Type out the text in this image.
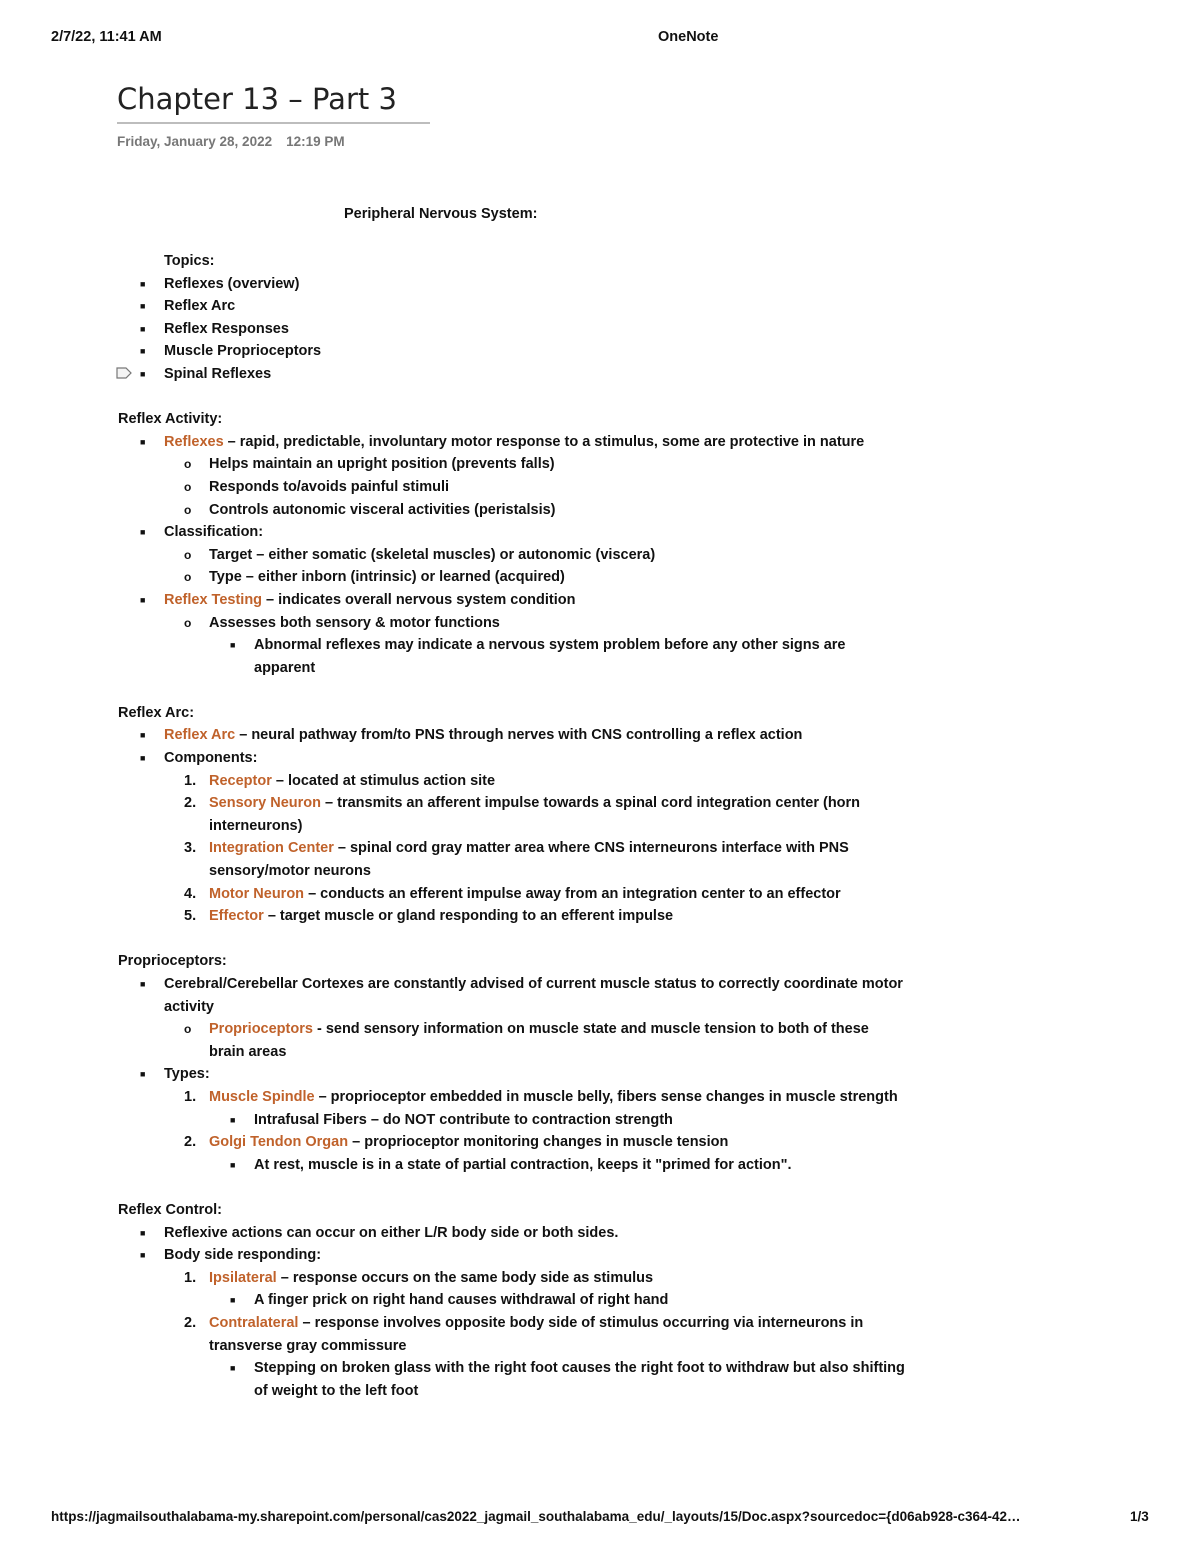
2/7/22, 11:41 AM	OneNote
Chapter 13 – Part 3
Friday, January 28, 2022 12:19 PM
Peripheral Nervous System:
Topics:
■	Reflexes (overview)
■	Reflex Arc
■	Reflex Responses
■	Muscle Proprioceptors
■	Spinal Reflexes
Reflex Activity:
■	Reflexes – rapid, predictable, involuntary motor response to a stimulus, some are protective in nature
o	Helps maintain an upright position (prevents falls)
o	Responds to/avoids painful stimuli
o	Controls autonomic visceral activities (peristalsis)
■	Classification:
o	Target – either somatic (skeletal muscles) or autonomic (viscera)
o	Type – either inborn (intrinsic) or learned (acquired)
■	Reflex Testing – indicates overall nervous system condition
o	Assesses both sensory & motor functions
■	Abnormal reflexes may indicate a nervous system problem before any other signs are apparent
Reflex Arc:
■	Reflex Arc – neural pathway from/to PNS through nerves with CNS controlling a reflex action
■	Components:
1. Receptor – located at stimulus action site
2. Sensory Neuron – transmits an afferent impulse towards a spinal cord integration center (horn interneurons)
3. Integration Center – spinal cord gray matter area where CNS interneurons interface with PNS sensory/motor neurons
4. Motor Neuron – conducts an efferent impulse away from an integration center to an effector
5. Effector – target muscle or gland responding to an efferent impulse
Proprioceptors:
■	Cerebral/Cerebellar Cortexes are constantly advised of current muscle status to correctly coordinate motor activity
o	Proprioceptors - send sensory information on muscle state and muscle tension to both of these brain areas
■	Types:
1. Muscle Spindle – proprioceptor embedded in muscle belly, fibers sense changes in muscle strength
■	Intrafusal Fibers – do NOT contribute to contraction strength
2. Golgi Tendon Organ – proprioceptor monitoring changes in muscle tension
■	At rest, muscle is in a state of partial contraction, keeps it "primed for action".
Reflex Control:
■	Reflexive actions can occur on either L/R body side or both sides.
■	Body side responding:
1. Ipsilateral – response occurs on the same body side as stimulus
■	A finger prick on right hand causes withdrawal of right hand
2. Contralateral – response involves opposite body side of stimulus occurring via interneurons in transverse gray commissure
■	Stepping on broken glass with the right foot causes the right foot to withdraw but also shifting of weight to the left foot
https://jagmailsouthalabama-my.sharepoint.com/personal/cas2022_jagmail_southalabama_edu/_layouts/15/Doc.aspx?sourcedoc={d06ab928-c364-42…	1/3
